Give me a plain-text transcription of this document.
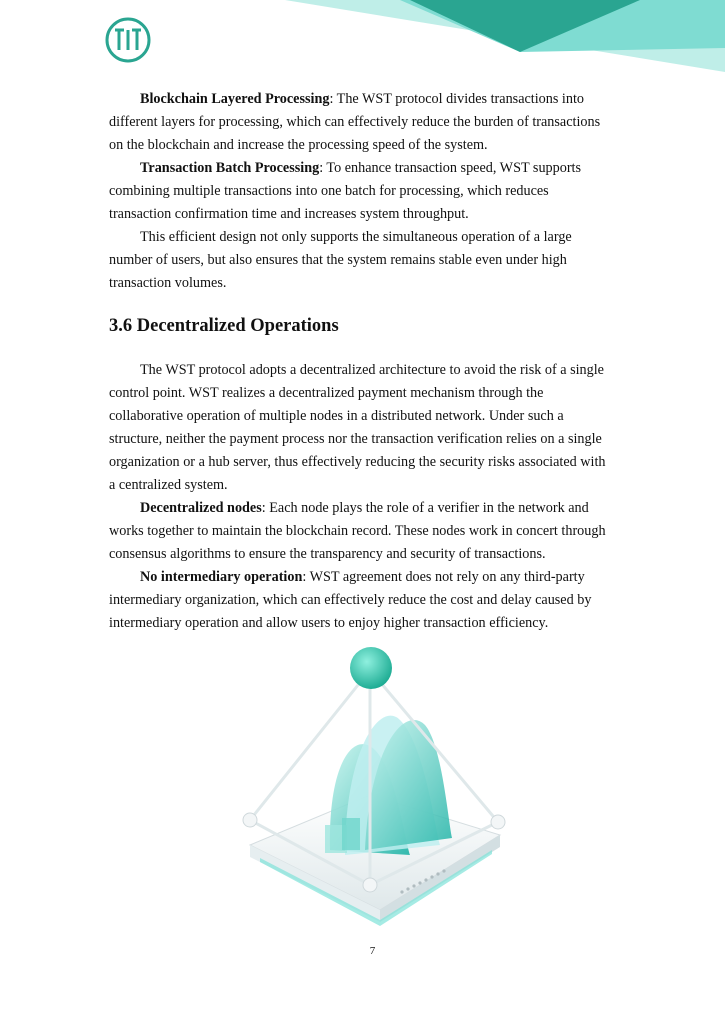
Blockchain Layered Processing: The WST protocol divides transactions into different layers for processing, which can effectively reduce the burden of transactions on the blockchain and increase the processing speed of the system.

Transaction Batch Processing: To enhance transaction speed, WST supports combining multiple transactions into one batch for processing, which reduces transaction confirmation time and increases system throughput.

This efficient design not only supports the simultaneous operation of a large number of users, but also ensures that the system remains stable even under high transaction volumes.

3.6 Decentralized Operations

The WST protocol adopts a decentralized architecture to avoid the risk of a single control point. WST realizes a decentralized payment mechanism through the collaborative operation of multiple nodes in a distributed network. Under such a structure, neither the payment process nor the transaction verification relies on a single organization or a hub server, thus effectively reducing the security risks associated with a centralized system.

Decentralized nodes: Each node plays the role of a verifier in the network and works together to maintain the blockchain record. These nodes work in concert through consensus algorithms to ensure the transparency and security of transactions.

No intermediary operation: WST agreement does not rely on any third-party intermediary organization, which can effectively reduce the cost and delay caused by intermediary operation and allow users to enjoy higher transaction efficiency.

7
